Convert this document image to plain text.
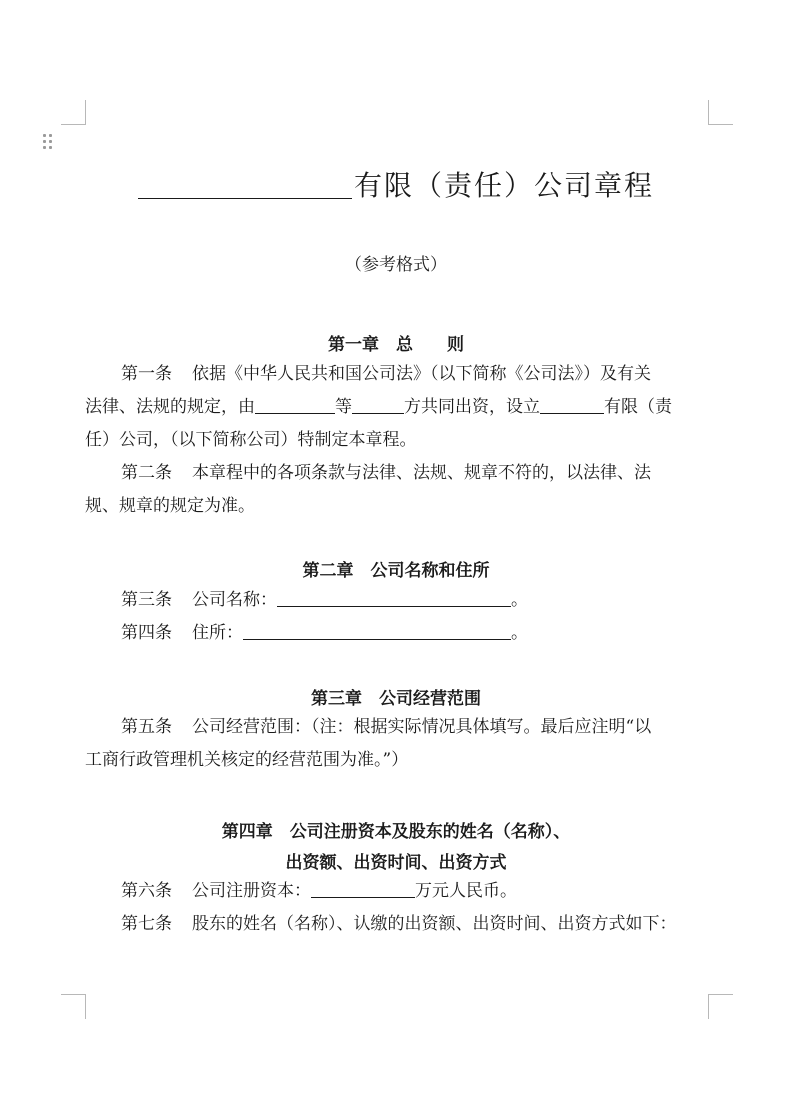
有限（责任）公司章程
（参考格式）
第一章　总　　则
第一条 依据《中华人民共和国公司法》（以下简称《公司法》）及有关
法律、法规的规定，由	等	方共同出资，设立	有限（责
任）公司，（以下简称公司）特制定本章程。
第二条 本章程中的各项条款与法律、法规、规章不符的，以法律、法
规、规章的规定为准。
第二章　公司名称和住所
第三条 公司名称：	。
第四条 住所：	。
第三章　公司经营范围
第五条 公司经营范围：（注：根据实际情况具体填写。最后应注明“以
工商行政管理机关核定的经营范围为准。”）
第四章　公司注册资本及股东的姓名（名称）、
出资额、出资时间、出资方式
第六条 公司注册资本：	万元人民币。
第七条 股东的姓名（名称）、认缴的出资额、出资时间、出资方式如下：
